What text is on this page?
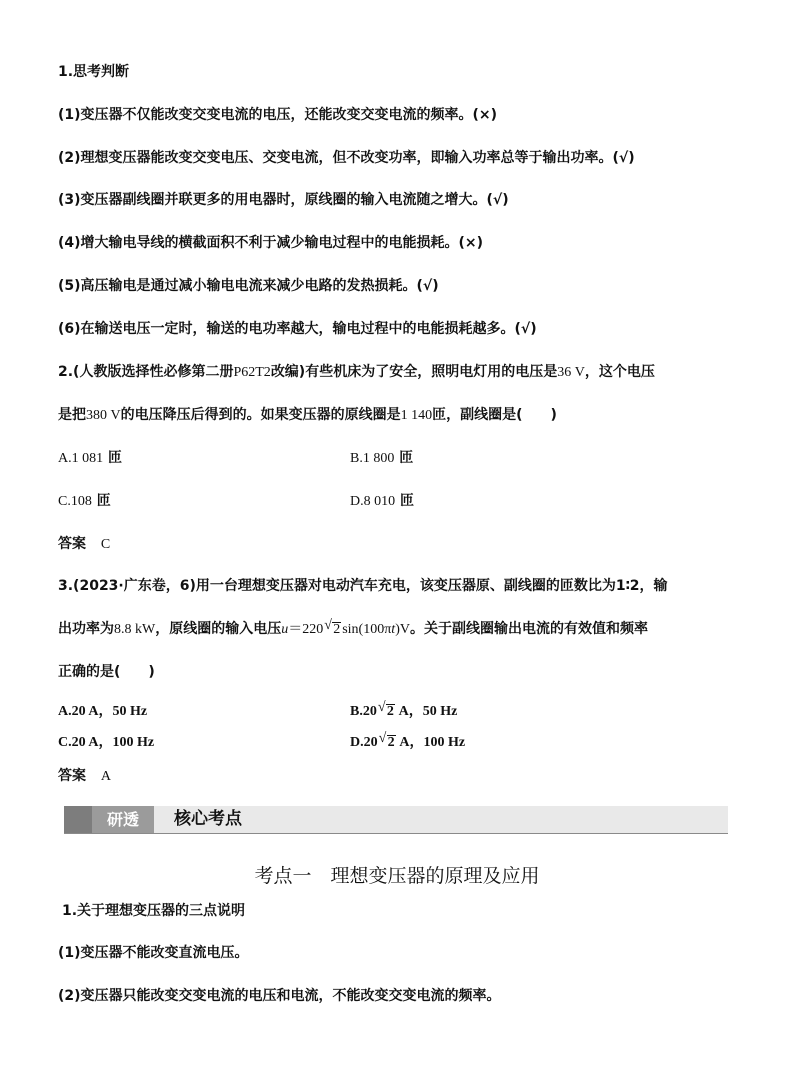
1.思考判断
(1)变压器不仅能改变交变电流的电压，还能改变交变电流的频率。(×)
(2)理想变压器能改变交变电压、交变电流，但不改变功率，即输入功率总等于输出功率。(√)
(3)变压器副线圈并联更多的用电器时，原线圈的输入电流随之增大。(√)
(4)增大输电导线的横截面积不利于减少输电过程中的电能损耗。(×)
(5)高压输电是通过减小输电电流来减少电路的发热损耗。(√)
(6)在输送电压一定时，输送的电功率越大，输电过程中的电能损耗越多。(√)
2.(人教版选择性必修第二册P62T2改编)有些机床为了安全，照明电灯用的电压是36 V，这个电压
是把380 V的电压降压后得到的。如果变压器的原线圈是1 140匝，副线圈是( )
A.1 081 匝	B.1 800 匝
C.108 匝	D.8 010 匝
答案 C
3.(2023·广东卷，6)用一台理想变压器对电动汽车充电，该变压器原、副线圈的匝数比为1∶2，输
出功率为8.8 kW，原线圈的输入电压u＝220 √ 2 sin(100πt)V。关于副线圈输出电流的有效值和频率
正确的是( )
A.20 A，50 Hz	B.20 √ 2 A，50 Hz
C.20 A，100 Hz	D.20 √ 2 A，100 Hz
答案 A
研透	核心考点
考点一　理想变压器的原理及应用
1.关于理想变压器的三点说明
(1)变压器不能改变直流电压。
(2)变压器只能改变交变电流的电压和电流，不能改变交变电流的频率。
